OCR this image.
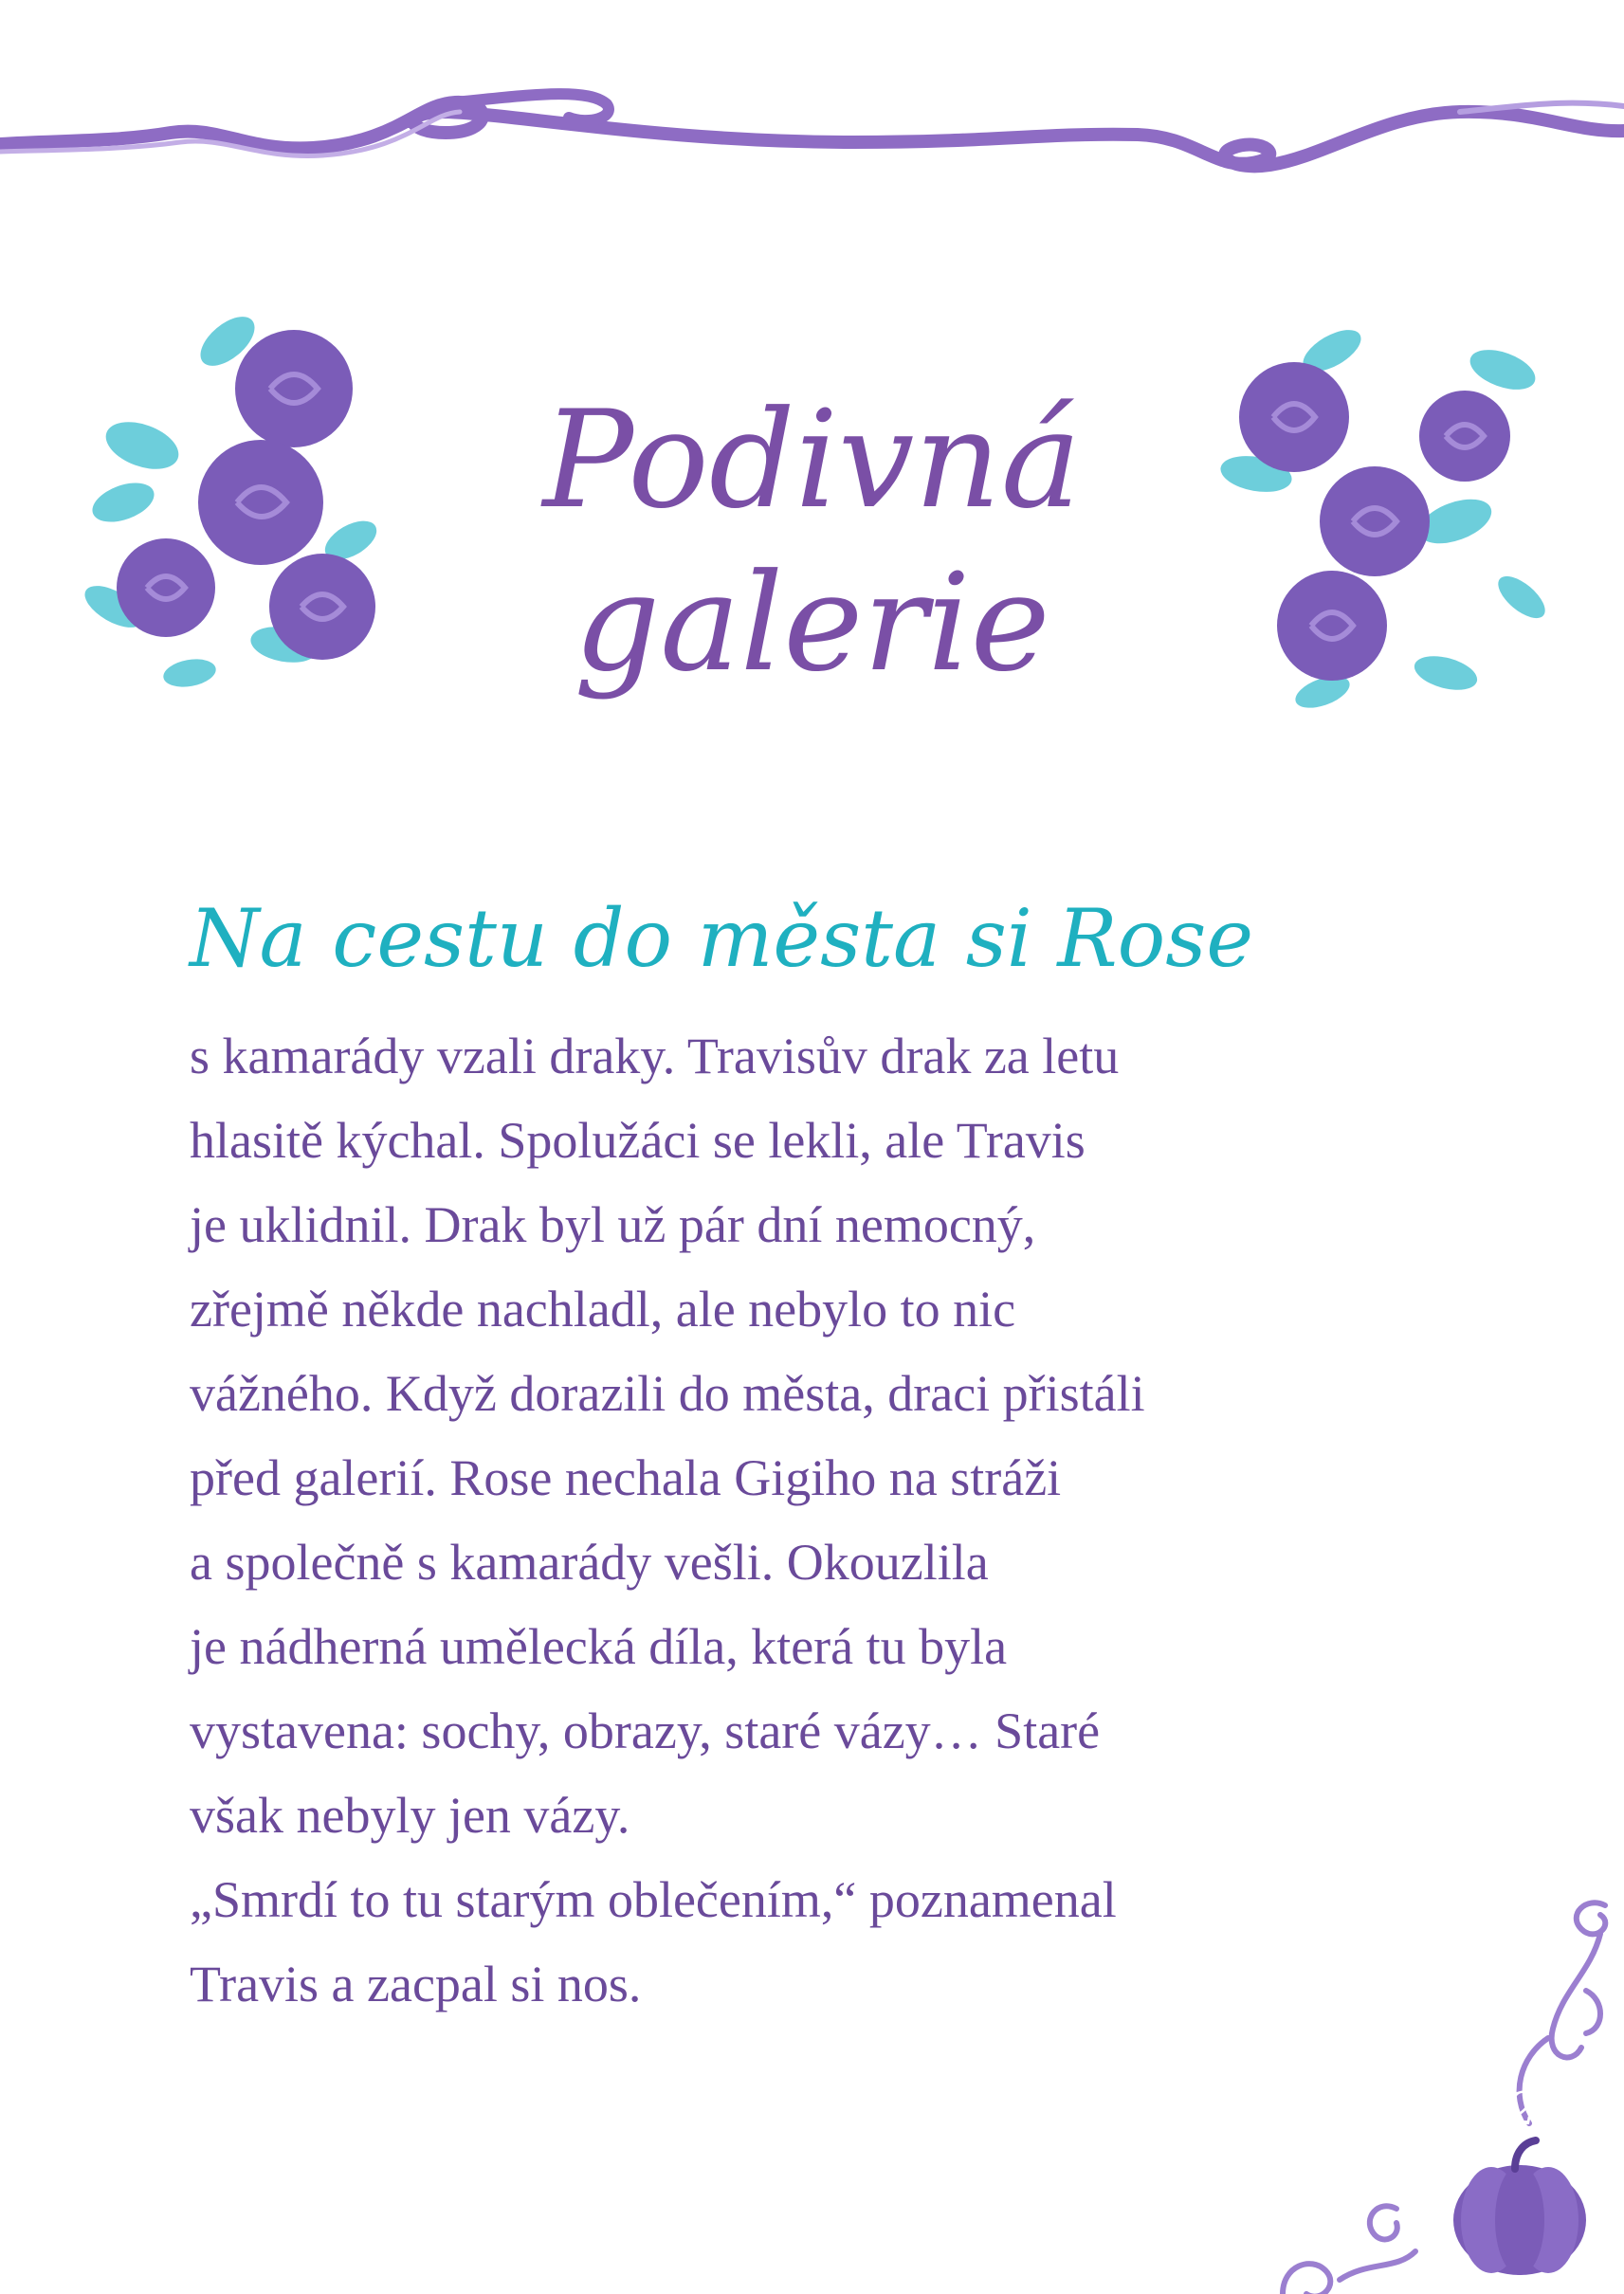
Podivná
galerie

Na cestu do města si Rose

s kamarády vzali draky. Travisův drak za letu
hlasitě kýchal. Spolužáci se lekli, ale Travis
je uklidnil. Drak byl už pár dní nemocný,
zřejmě někde nachladl, ale nebylo to nic
vážného. Když dorazili do města, draci přistáli
před galerií. Rose nechala Gigiho na stráži
a společně s kamarády vešli. Okouzlila
je nádherná umělecká díla, která tu byla
vystavena: sochy, obrazy, staré vázy… Staré
však nebyly jen vázy.
„Smrdí to tu starým oblečením,“ poznamenal
Travis a zacpal si nos.

127
